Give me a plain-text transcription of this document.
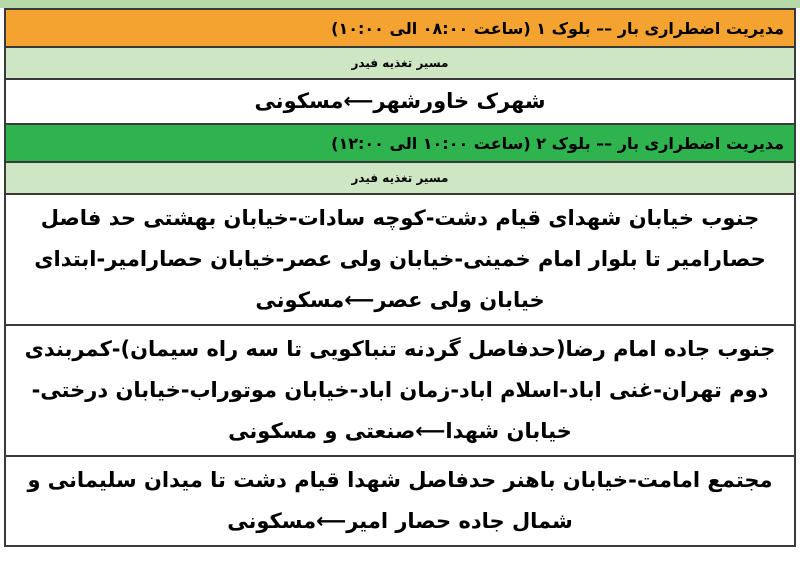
مدیریت اضطراری بار –– بلوک ۱ (ساعت ۰۸:۰۰ الی ۱۰:۰۰)
مسیر تغذیه فیدر
شهرک خاورشهر⟵مسکونی
مدیریت اضطراری بار –– بلوک ۲ (ساعت ۱۰:۰۰ الی ۱۲:۰۰)
مسیر تغذیه فیدر
جنوب خیابان شهدای قیام دشت-کوچه سادات-خیابان بهشتی حد فاصل حصارامیر تا بلوار امام خمینی-خیابان ولی عصر-خیابان حصارامیر-ابتدای خیابان ولی عصر⟵مسکونی
جنوب جاده امام رضا(حدفاصل گردنه تنباکویی تا سه راه سیمان)-کمربندی دوم تهران-غنی اباد-اسلام اباد-زمان اباد-خیابان موتوراب-خیابان درختی-خیابان شهدا⟵صنعتی و مسکونی
مجتمع امامت-خیابان باهنر حدفاصل شهدا قیام دشت تا میدان سلیمانی و شمال جاده حصار امیر⟵مسکونی
